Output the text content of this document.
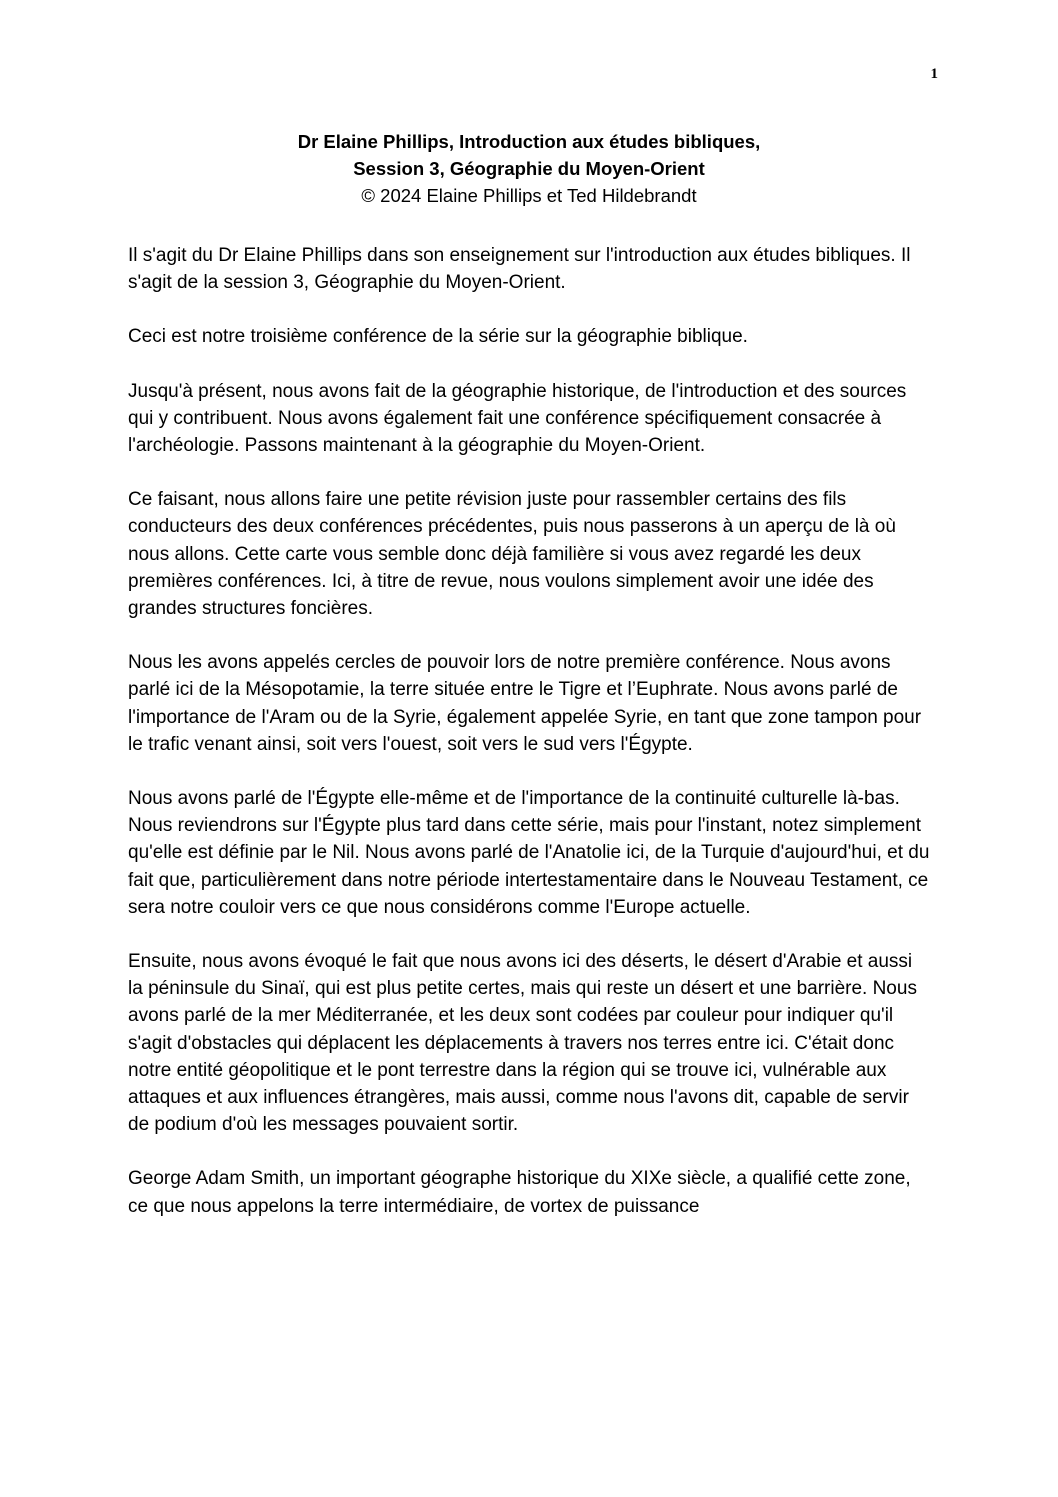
1
Dr Elaine Phillips, Introduction aux études bibliques,
Session 3, Géographie du Moyen-Orient
© 2024 Elaine Phillips et Ted Hildebrandt

Il s'agit du Dr Elaine Phillips dans son enseignement sur l'introduction aux études bibliques. Il s'agit de la session 3, Géographie du Moyen-Orient.

Ceci est notre troisième conférence de la série sur la géographie biblique.

Jusqu'à présent, nous avons fait de la géographie historique, de l'introduction et des sources qui y contribuent. Nous avons également fait une conférence spécifiquement consacrée à l'archéologie. Passons maintenant à la géographie du Moyen-Orient.

Ce faisant, nous allons faire une petite révision juste pour rassembler certains des fils conducteurs des deux conférences précédentes, puis nous passerons à un aperçu de là où nous allons. Cette carte vous semble donc déjà familière si vous avez regardé les deux premières conférences. Ici, à titre de revue, nous voulons simplement avoir une idée des grandes structures foncières.

Nous les avons appelés cercles de pouvoir lors de notre première conférence. Nous avons parlé ici de la Mésopotamie, la terre située entre le Tigre et l’Euphrate. Nous avons parlé de l'importance de l'Aram ou de la Syrie, également appelée Syrie, en tant que zone tampon pour le trafic venant ainsi, soit vers l'ouest, soit vers le sud vers l'Égypte.

Nous avons parlé de l'Égypte elle-même et de l'importance de la continuité culturelle là-bas. Nous reviendrons sur l'Égypte plus tard dans cette série, mais pour l'instant, notez simplement qu'elle est définie par le Nil. Nous avons parlé de l'Anatolie ici, de la Turquie d'aujourd'hui, et du fait que, particulièrement dans notre période intertestamentaire dans le Nouveau Testament, ce sera notre couloir vers ce que nous considérons comme l'Europe actuelle.

Ensuite, nous avons évoqué le fait que nous avons ici des déserts, le désert d'Arabie et aussi la péninsule du Sinaï, qui est plus petite certes, mais qui reste un désert et une barrière. Nous avons parlé de la mer Méditerranée, et les deux sont codées par couleur pour indiquer qu'il s'agit d'obstacles qui déplacent les déplacements à travers nos terres entre ici. C'était donc notre entité géopolitique et le pont terrestre dans la région qui se trouve ici, vulnérable aux attaques et aux influences étrangères, mais aussi, comme nous l'avons dit, capable de servir de podium d'où les messages pouvaient sortir.

George Adam Smith, un important géographe historique du XIXe siècle, a qualifié cette zone, ce que nous appelons la terre intermédiaire, de vortex de puissance
